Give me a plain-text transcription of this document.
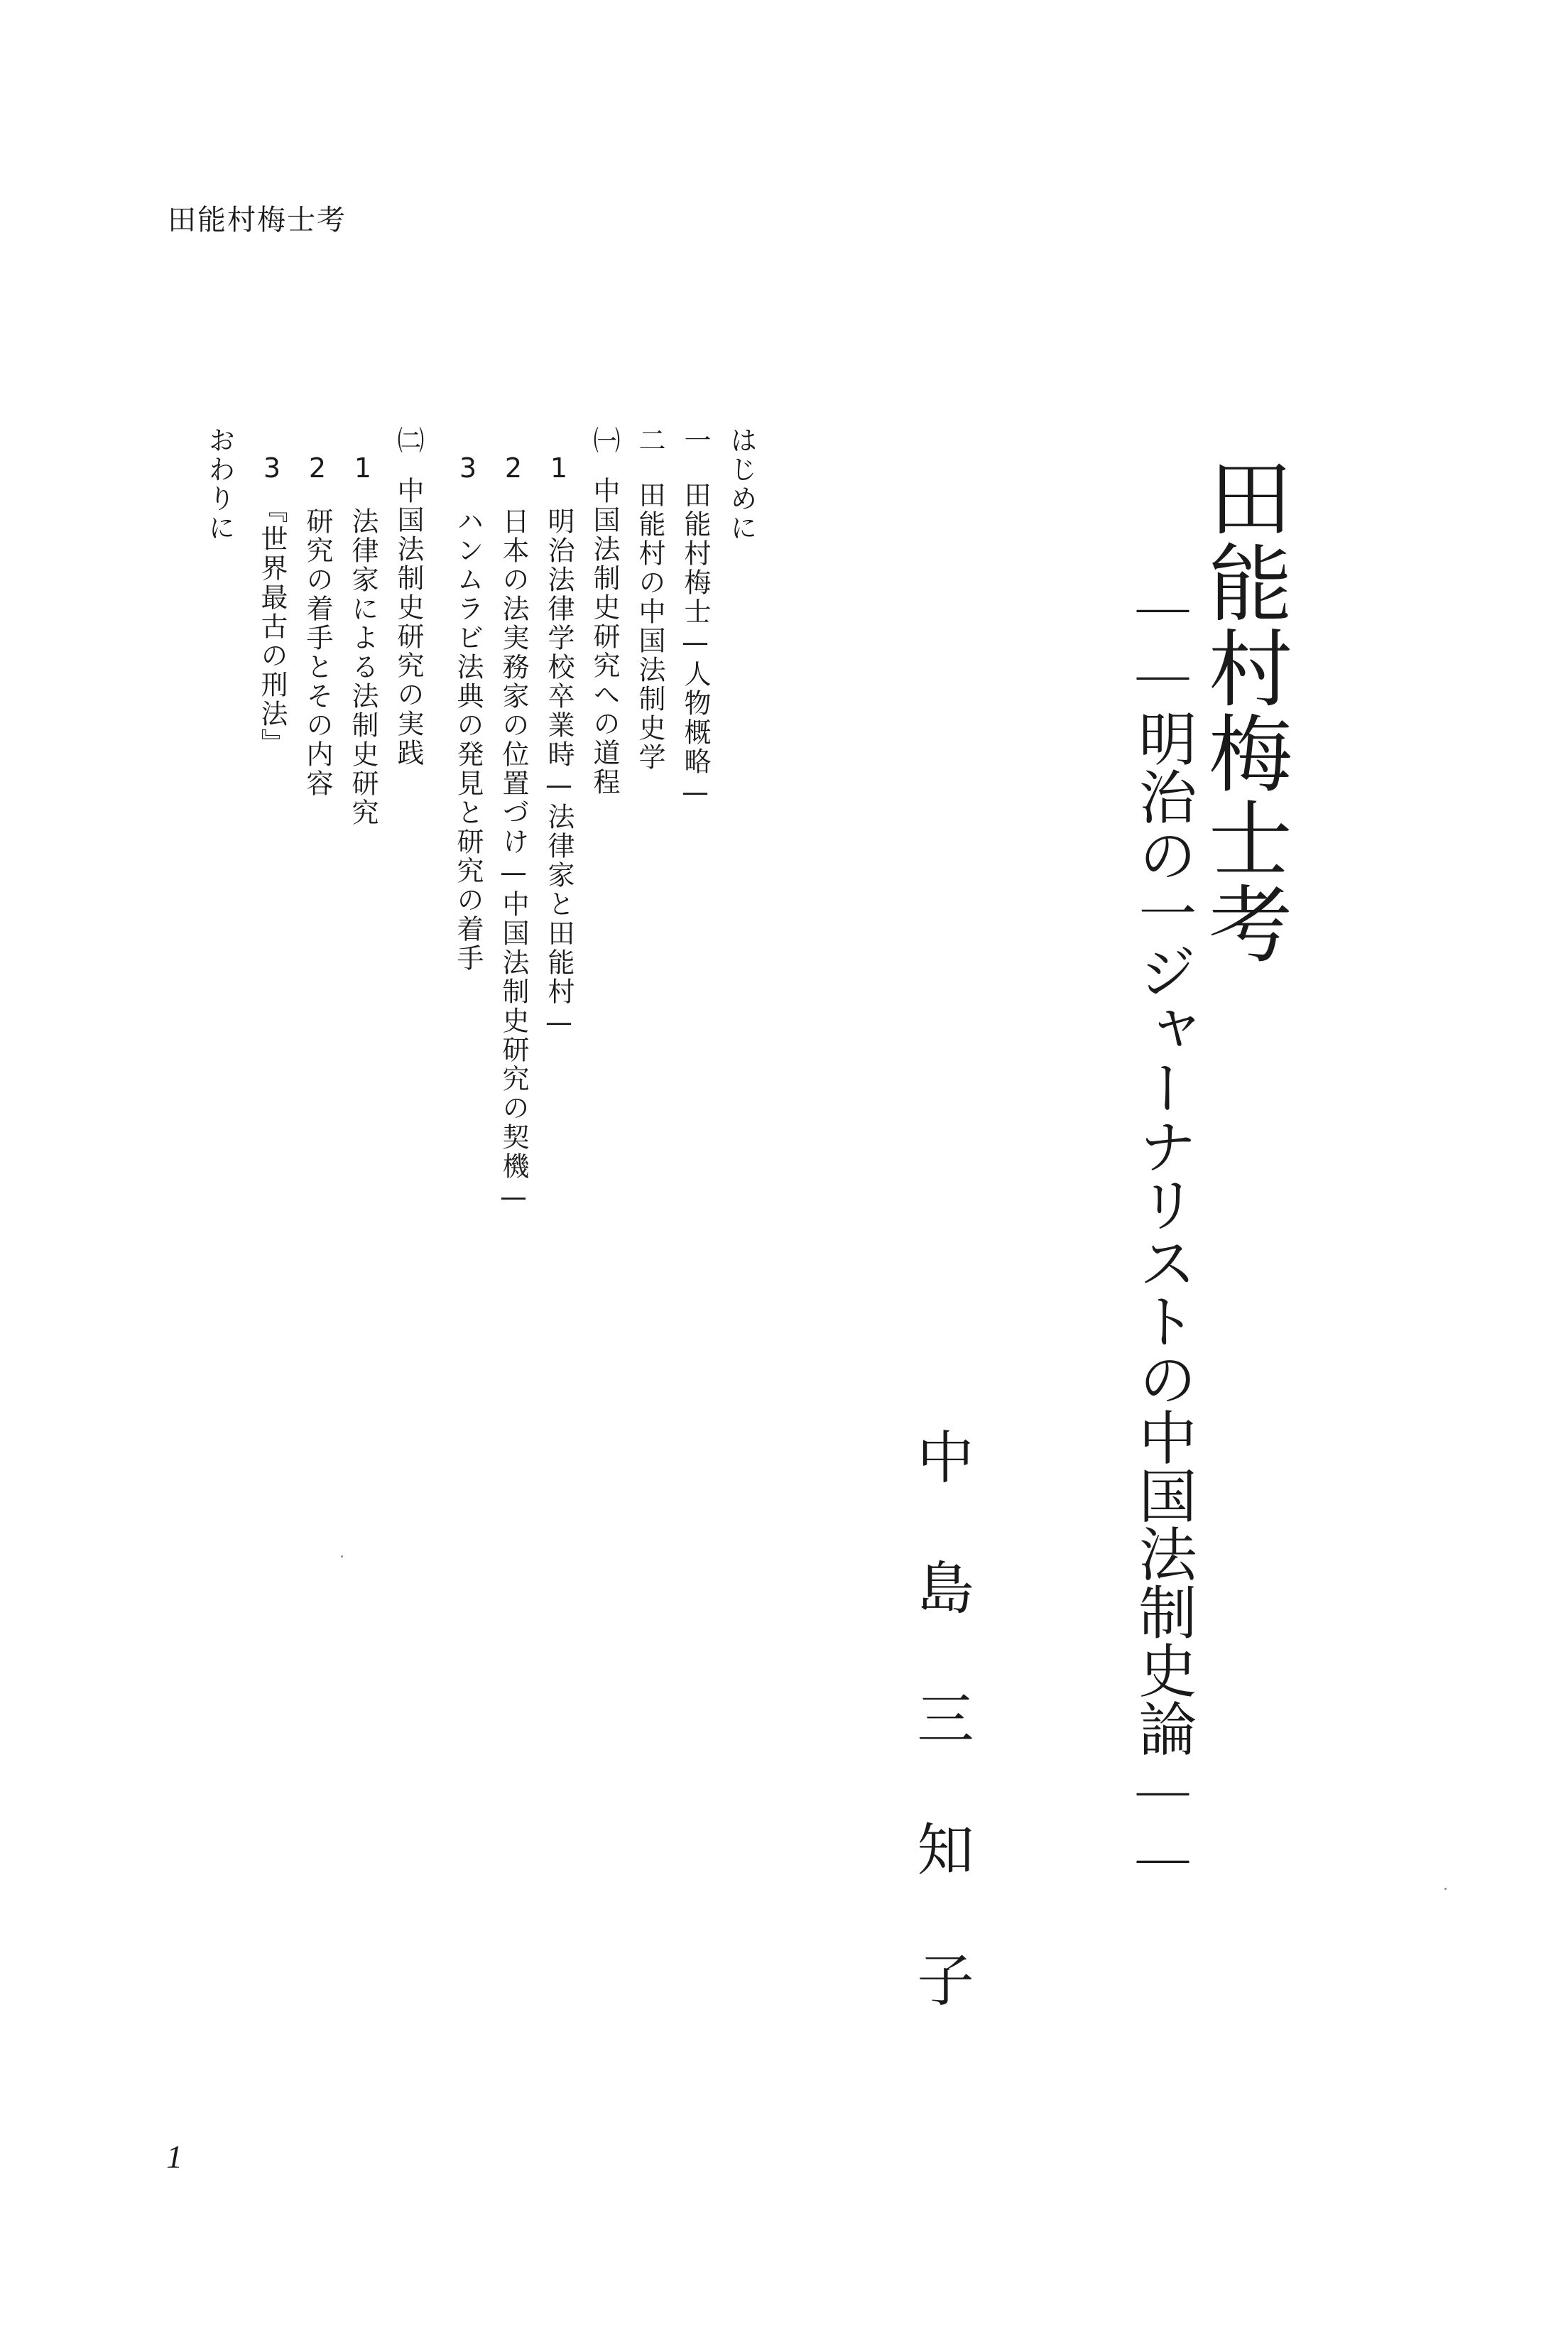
田能村梅士考
田能村梅士考
——明治の一ジャーナリストの中国法制史論——
中島三知子
はじめに
一田能村梅士—人物概略—
二田能村の中国法制史学
㈠中国法制史研究への道程
1明治法律学校卒業時—法律家と田能村—
2日本の法実務家の位置づけ—中国法制史研究の契機—
3ハンムラビ法典の発見と研究の着手
㈡中国法制史研究の実践
1法律家による法制史研究
2研究の着手とその内容
3『世界最古の刑法』
おわりに
1
